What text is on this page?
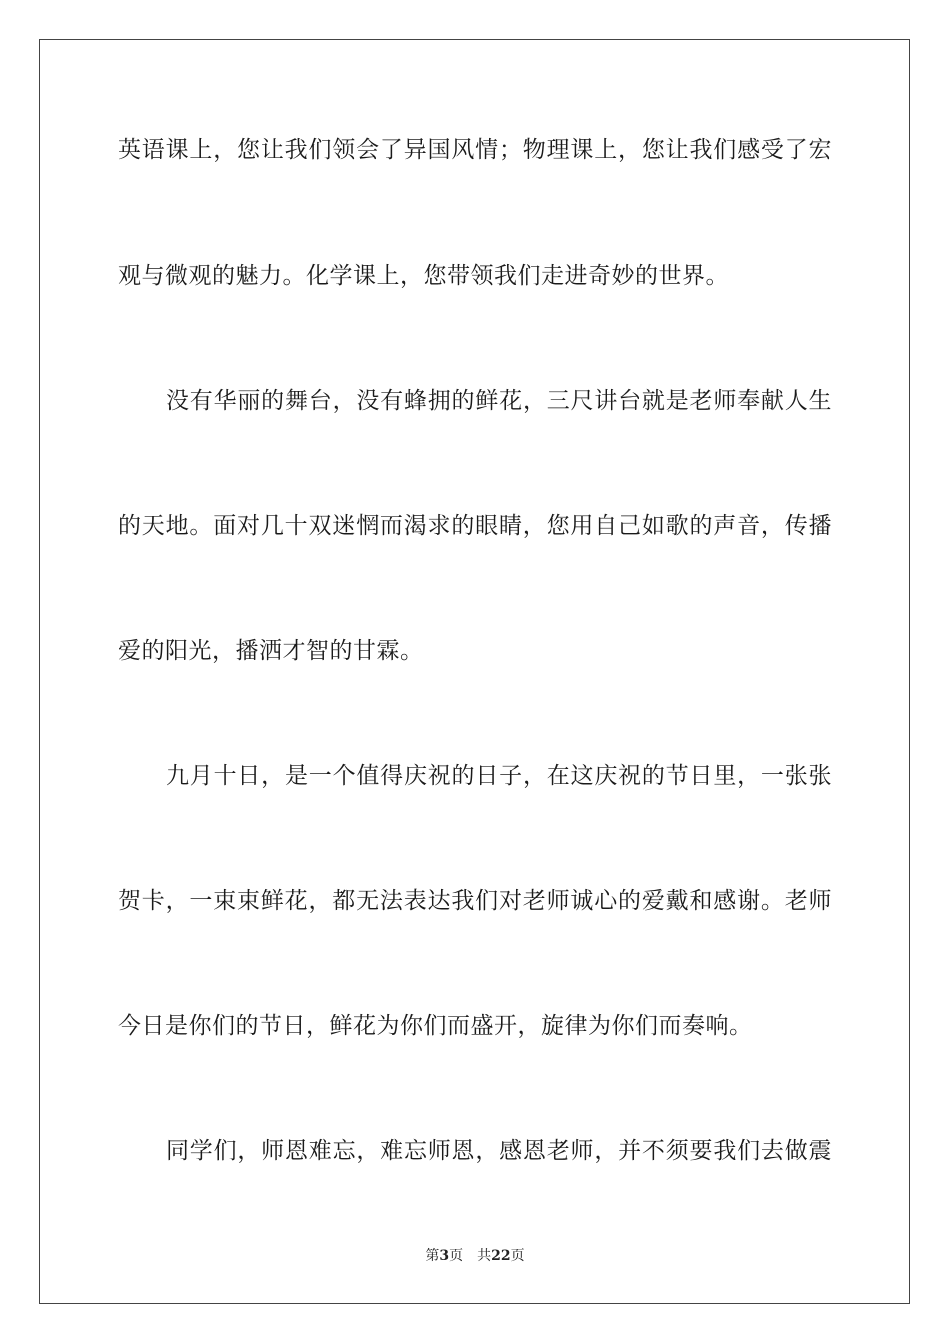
英语课上，您让我们领会了异国风情；物理课上，您让我们感受了宏
观与微观的魅力。化学课上，您带领我们走进奇妙的世界。
没有华丽的舞台，没有蜂拥的鲜花，三尺讲台就是老师奉献人生
的天地。面对几十双迷惘而渴求的眼睛，您用自己如歌的声音，传播
爱的阳光，播洒才智的甘霖。
九月十日，是一个值得庆祝的日子，在这庆祝的节日里，一张张
贺卡，一束束鲜花，都无法表达我们对老师诚心的爱戴和感谢。老师
今日是你们的节日，鲜花为你们而盛开，旋律为你们而奏响。
同学们，师恩难忘，难忘师恩，感恩老师，并不须要我们去做震
第3页 共22页
